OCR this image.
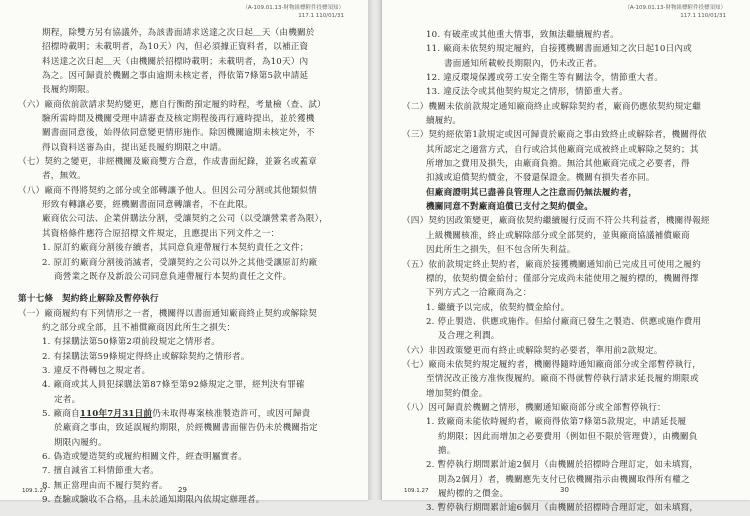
（A-109.01.13-財物組標附件投標須知）
117.1 110/01/31

期程，除雙方另有協議外，為該書面請求送達之次日起＿天（由機關於

招標時載明；未載明者，為10天）內，但必須據正資料者，以補正資

料送達之次日起＿天（由機關於招標時載明；未載明者，為10天）內

為之。因可歸責於機關之事由逾期未核定者，得依第7條第5款申請延

長履約期限。

（六）廠商依前款請求契約變更，應自行衡酌預定履約時程，考量檢（查、試）

驗所需時間及機關受理申請審查及核定期程後再行適時提出，並於獲機

關書面同意後，始得依同意變更情形施作。除因機關逾期未核定外，不

得以資料送審為由，提出延長履約期限之申請。

（七）契約之變更，非經機關及廠商雙方合意，作成書面紀錄，並簽名或蓋章

者，無效。

（八）廠商不得將契約之部分或全部轉讓予他人。但因公司分割或其他類似情

形致有轉讓必要，經機關書面同意轉讓者，不在此限。

廠商依公司法、企業併購法分割，受讓契約之公司（以受讓營業者為限），

其資格條件應符合原招標文件規定，且應提出下列文件之一：

1. 原訂約廠商分割後存續者，其同意負連帶履行本契約責任之文件；

2. 原訂約廠商分割後消滅者，受讓契約之公司以外之其他受讓原訂約廠

商營業之既存及新設公司同意負連帶履行本契約責任之文件。

第十七條　契約終止解除及暫停執行

（一）廠商履約有下列情形之一者，機關得以書面通知廠商終止契約或解除契

約之部分或全部，且不補償廠商因此所生之損失：

1. 有採購法第50條第2項前段規定之情形者。

2. 有採購法第59條規定得終止或解除契約之情形者。

3. 違反不得轉包之規定者。

4. 廠商或其人員犯採購法第87條至第92條規定之罪，經判決有罪確

定者。

5. 廠商自110年7月31日前仍未取得專案核准製造許可，或因可歸責

於廠商之事由，致延誤履約期限，於經機關書面催告仍未於機關指定

期限內履約。

6. 偽造或變造契約或履約相關文件，經查明屬實者。

7. 擅自減省工料情節重大者。

8. 無正當理由而不履行契約者。

9. 查驗或驗收不合格，且未於通知期限內依規定辦理者。

109.1.27	29
（A-109.01.13-財物組標附件投標須知）
117.1 110/01/31

10. 有破產或其他重大情事，致無法繼續履約者。

11. 廠商未依契約規定履約，自接獲機關書面通知之次日起10日內或

書面通知所載較長期限內，仍未改正者。

12. 違反環境保護或勞工安全衛生等有關法令，情節重大者。

13. 違反法令或其他契約規定之情形，情節重大者。

（二）機關未依前款規定通知廠商終止或解除契約者，廠商仍應依契約規定繼

續履約。

（三）契約經依第1款規定或因可歸責於廠商之事由致終止或解除者，機關得依

其所認定之適當方式，自行或洽其他廠商完成被終止或解除之契約；其

所增加之費用及損失，由廠商負擔。無洽其他廠商完成之必要者，得

扣減或追償契約價金，不發還保證金。機關有損失者亦同。

但廠商證明其已盡善良管理人之注意而仍無法履約者，

機關同意不對廠商追償已支付之契約價金。

（四）契約因政策變更，廠商依契約繼續履行反而不符公共利益者，機關得報經

上級機關核准，終止或解除部分或全部契約，並與廠商協議補償廠商

因此所生之損失，但不包含所失利益。

（五）依前款規定終止契約者，廠商於接獲機關通知前已完成且可使用之履約

標的，依契約價金給付；僅部分完成尚未能使用之履約標的，機關得擇

下列方式之一洽廠商為之：

1. 繼續予以完成，依契約價金給付。

2. 停止製造、供應或施作。但給付廠商已發生之製造、供應或施作費用

及合理之利潤。

（六）非因政策變更而有終止或解除契約必要者，準用前2款規定。

（七）廠商未依契約規定履約者，機關得隨時通知廠商部分或全部暫停執行，

至情況改正後方准恢復履約。廠商不得就暫停執行請求延長履約期限或

增加契約價金。

（八）因可歸責於機關之情形，機關通知廠商部分或全部暫停執行：

1. 致廠商未能依時履約者，廠商得依第7條第5款規定，申請延長履

約期限；因此而增加之必要費用（例如但不限於管理費），由機關負

擔。

2. 暫停執行期間累計逾2個月（由機關於招標時合理訂定，如未填寫，

則為2個月）者，機關應先支付已依機關指示由機關取得所有權之

履約標的之價金。

3. 暫停執行期間累計逾6個月（由機關於招標時合理訂定，如未填寫，

109.1.27	30
